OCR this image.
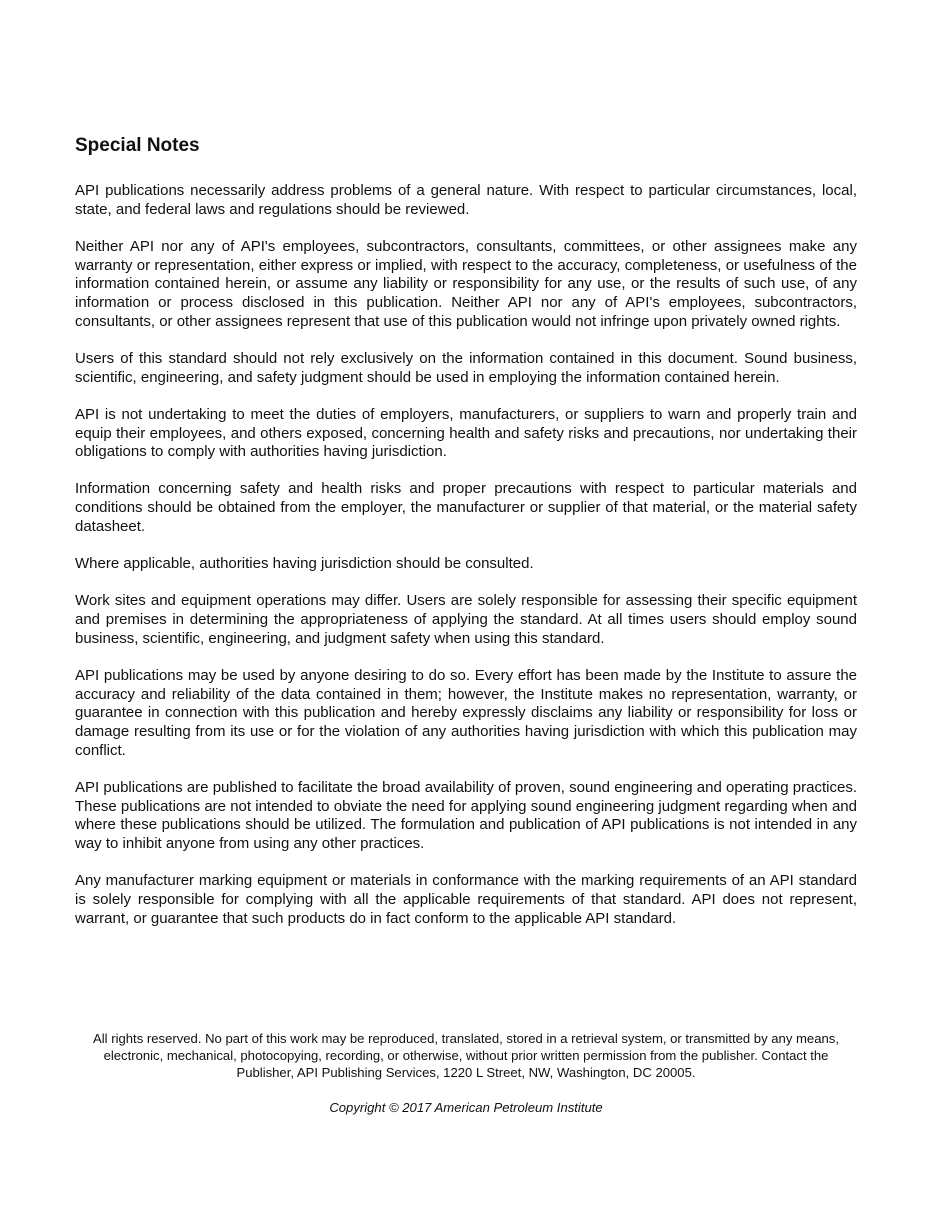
Special Notes

API publications necessarily address problems of a general nature. With respect to particular circumstances, local, state, and federal laws and regulations should be reviewed.

Neither API nor any of API's employees, subcontractors, consultants, committees, or other assignees make any warranty or representation, either express or implied, with respect to the accuracy, completeness, or usefulness of the information contained herein, or assume any liability or responsibility for any use, or the results of such use, of any information or process disclosed in this publication. Neither API nor any of API's employees, subcontractors, consultants, or other assignees represent that use of this publication would not infringe upon privately owned rights.

Users of this standard should not rely exclusively on the information contained in this document. Sound business, scientific, engineering, and safety judgment should be used in employing the information contained herein.

API is not undertaking to meet the duties of employers, manufacturers, or suppliers to warn and properly train and equip their employees, and others exposed, concerning health and safety risks and precautions, nor undertaking their obligations to comply with authorities having jurisdiction.

Information concerning safety and health risks and proper precautions with respect to particular materials and conditions should be obtained from the employer, the manufacturer or supplier of that material, or the material safety datasheet.

Where applicable, authorities having jurisdiction should be consulted.

Work sites and equipment operations may differ. Users are solely responsible for assessing their specific equipment and premises in determining the appropriateness of applying the standard. At all times users should employ sound business, scientific, engineering, and judgment safety when using this standard.

API publications may be used by anyone desiring to do so. Every effort has been made by the Institute to assure the accuracy and reliability of the data contained in them; however, the Institute makes no representation, warranty, or guarantee in connection with this publication and hereby expressly disclaims any liability or responsibility for loss or damage resulting from its use or for the violation of any authorities having jurisdiction with which this publication may conflict.

API publications are published to facilitate the broad availability of proven, sound engineering and operating practices. These publications are not intended to obviate the need for applying sound engineering judgment regarding when and where these publications should be utilized. The formulation and publication of API publications is not intended in any way to inhibit anyone from using any other practices.

Any manufacturer marking equipment or materials in conformance with the marking requirements of an API standard is solely responsible for complying with all the applicable requirements of that standard. API does not represent, warrant, or guarantee that such products do in fact conform to the applicable API standard.

All rights reserved. No part of this work may be reproduced, translated, stored in a retrieval system, or transmitted by any means, electronic, mechanical, photocopying, recording, or otherwise, without prior written permission from the publisher. Contact the Publisher, API Publishing Services, 1220 L Street, NW, Washington, DC 20005.

Copyright © 2017 American Petroleum Institute
